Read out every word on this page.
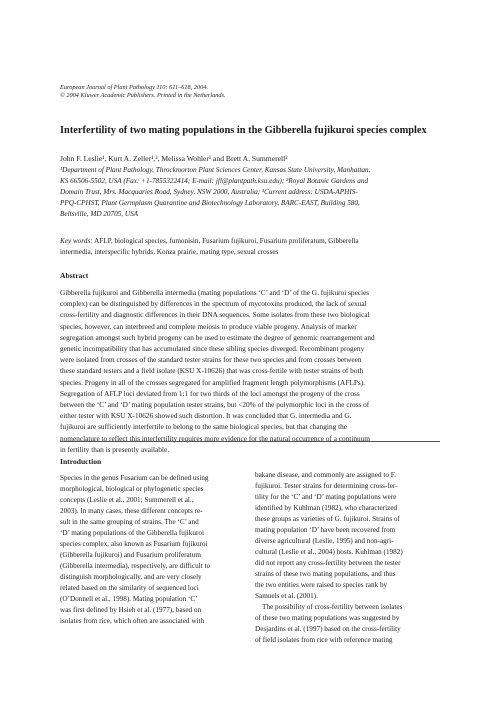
European Journal of Plant Pathology 110: 611–618, 2004.
© 2004 Kluwer Academic Publishers. Printed in the Netherlands.
Interfertility of two mating populations in the Gibberella fujikuroi species complex
John F. Leslie¹, Kurt A. Zeller¹,³, Melissa Wohler¹ and Brett A. Summerell²
¹Department of Plant Pathology, Throckmorton Plant Sciences Center, Kansas State University, Manhattan,
KS 66506-5502, USA (Fax: +1-7855322414; E-mail: jfl@plantpath.ksu.edu); ²Royal Botanic Gardens and
Domain Trust, Mrs. Macquaries Road, Sydney, NSW 2000, Australia; ³Current address: USDA-APHIS-
PPQ-CPHST, Plant Germplasm Quarantine and Biotechnology Laboratory, BARC-EAST, Building 580,
Beltsville, MD 20705, USA
Key words: AFLP, biological species, fumonisin, Fusarium fujikuroi, Fusarium proliferatum, Gibberella
intermedia, interspecific hybrids, Konza prairie, mating type, sexual crosses
Abstract
Gibberella fujikuroi and Gibberella intermedia (mating populations ‘C’ and ‘D’ of the G. fujikuroi species
complex) can be distinguished by differences in the spectrum of mycotoxins produced, the lack of sexual
cross-fertility and diagnostic differences in their DNA sequences. Some isolates from these two biological
species, however, can interbreed and complete meiosis to produce viable progeny. Analysis of marker
segregation amongst such hybrid progeny can be used to estimate the degree of genomic rearrangement and
genetic incompatibility that has accumulated since these sibling species diverged. Recombinant progeny
were isolated from crosses of the standard tester strains for these two species and from crosses between
these standard testers and a field isolate (KSU X-10626) that was cross-fertile with tester strains of both
species. Progeny in all of the crosses segregated for amplified fragment length polymorphisms (AFLPs).
Segregation of AFLP loci deviated from 1:1 for two thirds of the loci amongst the progeny of the cross
between the ‘C’ and ‘D’ mating population tester strains, but <20% of the polymorphic loci in the cross of
either tester with KSU X-10626 showed such distortion. It was concluded that G. intermedia and G.
fujikuroi are sufficiently interfertile to belong to the same biological species, but that changing the
nomenclature to reflect this interfertility requires more evidence for the natural occurrence of a continuum
in fertility than is presently available.
Introduction
Species in the genus Fusarium can be defined using
morphological, biological or phylogenetic species
concepts (Leslie et al., 2001; Summerell et al.,
2003). In many cases, these different concepts re-
sult in the same grouping of strains. The ‘C’ and
‘D’ mating populations of the Gibberella fujikuroi
species complex, also known as Fusarium fujikuroi
(Gibberella fujikuroi) and Fusarium proliferatum
(Gibberella intermedia), respectively, are difficult to
distinguish morphologically, and are very closely
related based on the similarity of sequenced loci
(O’Donnell et al., 1998). Mating population ‘C’
was first defined by Hsieh et al. (1977), based on
isolates from rice, which often are associated with
bakane disease, and commonly are assigned to F.
fujikuroi. Tester strains for determining cross-fer-
tility for the ‘C’ and ‘D’ mating populations were
identified by Kuhlman (1982), who characterized
these groups as varieties of G. fujikuroi. Strains of
mating population ‘D’ have been recovered from
diverse agricultural (Leslie, 1995) and non-agri-
cultural (Leslie et al., 2004) hosts. Kuhlman (1982)
did not report any cross-fertility between the tester
strains of these two mating populations, and thus
the two entities were raised to species rank by
Samuels et al. (2001).
The possibility of cross-fertility between isolates
of these two mating populations was suggested by
Desjardins et al. (1997) based on the cross-fertility
of field isolates from rice with reference mating
